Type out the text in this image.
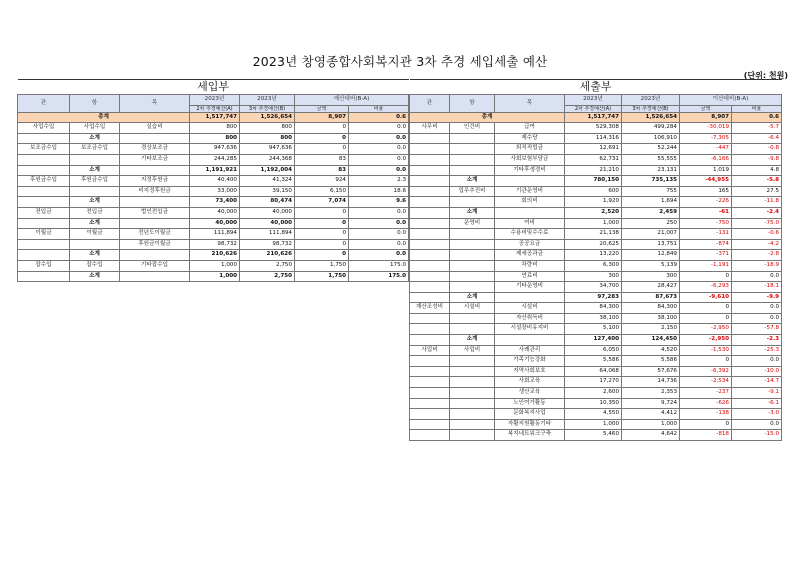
2023년 창영종합사회복지관 3차 추경 세입세출 예산
(단위: 천원)
세입부						
관	항	목	2023년	2023년	예산대비(B-A)	
			2차 추경예산(A)	3차 추경예산(B)	금액	비율
총계			1,517,747	1,526,654	8,907	0.6
사업수입	사업수입	실습비	800	800	0	0.0
	소계		800	800	0	0.0
보조금수입	보조금수입	경상보조금	947,636	947,636	0	0.0
		기타보조금	244,285	244,368	83	0.0
	소계		1,191,921	1,192,004	83	0.0
후원금수입	후원금수입	지정후원금	40,400	41,324	924	2.3
		비지정후원금	33,000	39,150	6,150	18.6
	소계		73,400	80,474	7,074	9.6
전입금	전입금	법인전입금	40,000	40,000	0	0.0
	소계		40,000	40,000	0	0.0
이월금	이월금	전년도이월금	111,894	111,894	0	0.0
		후원금이월금	98,732	98,732	0	0.0
	소계		210,626	210,626	0	0.0
잡수입	잡수입	기타잡수입	1,000	2,750	1,750	175.0
	소계		1,000	2,750	1,750	175.0
세출부						
관	항	목	2023년	2023년	이산대비(B-A)	
			2차 추경예산(A)	3차 추경예산(B)	금액	비율
총계			1,517,747	1,526,654	8,907	0.6
사무비	인건비	급여	529,308	499,284	-30,019	-5.7
		제수당	114,316	106,910	-7,305	-6.4
		퇴직적립금	12,691	52,244	-447	-0.8
		사회보험부담금	62,731	55,555	-6,166	-9.8
		기타후생경비	21,210	23,131	1,019	4.8
	소계		780,150	735,135	-44,955	-5.8
	업무추진비	기관운영비	600	755	165	27.5
		회의비	1,920	1,694	-226	-11.8
	소계		2,520	2,459	-61	-2.4
	운영비	여비	1,000	250	-750	-75.0
		수용비및수수료	21,138	21,007	-131	-0.6
		공공요금	20,625	13,751	-874	-4.2
		제세공과금	13,220	12,849	-371	-2.8
		차량비	6,300	5,139	-1,191	-18.9
		연료비	300	300	0	0.0
		기타운영비	34,700	28,427	-6,293	-18.1
	소계		97,283	87,673	-9,610	-9.9
재산조성비	시설비	시설비	84,300	84,300	0	0.0
		자산취득비	38,100	38,100	0	0.0
		시설장비유지비	5,100	2,150	-2,950	-57.8
	소계		127,400	124,450	-2,950	-2.3
사업비	사업비	사례관리	6,050	4,520	-1,530	-25.3
		가족기능강화	5,586	5,586	0	0.0
		지역사회보호	64,068	57,676	-6,392	-10.0
		사회교육	17,270	14,736	-2,534	-14.7
		생산교육	2,600	2,353	-237	-9.1
		노인여가활동	10,350	9,724	-626	-6.1
		문화복지사업	4,550	4,412	-138	-3.0
		자활지원활동기타	1,000	1,000	0	0.0
		복지네트워크구축	5,460	4,642	-818	-15.0
